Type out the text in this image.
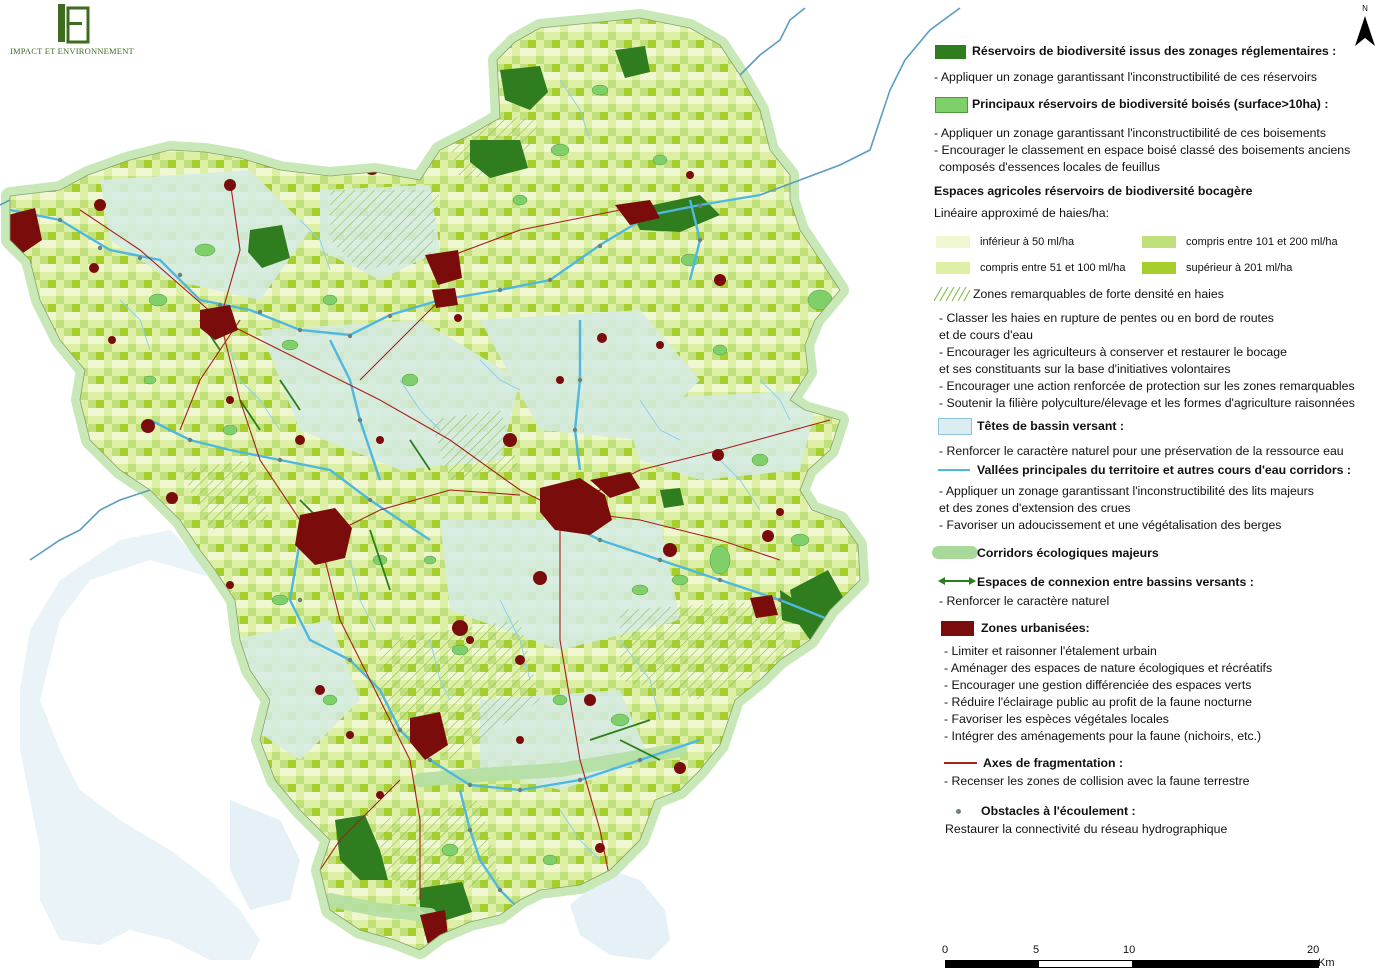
IMPACT ET ENVIRONNEMENT
N
Réservoirs de biodiversité issus des zonages réglementaires :
- Appliquer un zonage garantissant l'inconstructibilité de ces réservoirs
Principaux réservoirs de biodiversité boisés (surface>10ha) :
- Appliquer un zonage garantissant l'inconstructibilité de ces boisements
- Encourager le classement en espace boisé classé des boisements anciens
composés d'essences locales de feuillus
Espaces agricoles réservoirs de biodiversité bocagère
Linéaire approximé de haies/ha:
inférieur à 50 ml/ha	compris entre 101 et 200 ml/ha
compris entre 51 et 100 ml/ha	supérieur à 201 ml/ha
Zones remarquables de forte densité en haies
- Classer les haies en rupture de pentes ou en bord de routes
et de cours d'eau
- Encourager les agriculteurs à conserver et restaurer le bocage
et ses constituants sur la base d'initiatives volontaires
- Encourager une action renforcée de protection sur les zones remarquables
- Soutenir la filière polyculture/élevage et les formes d'agriculture raisonnées
Têtes de bassin versant :
- Renforcer le caractère naturel pour une préservation de la ressource eau
Vallées principales du territoire et autres cours d'eau corridors :
- Appliquer un zonage garantissant l'inconstructibilité des lits majeurs
et des zones d'extension des crues
- Favoriser un adoucissement et une végétalisation des berges
Corridors écologiques majeurs
Espaces de connexion entre bassins versants :
- Renforcer le caractère naturel
Zones urbanisées:
- Limiter et raisonner l'étalement urbain
- Aménager des espaces de nature écologiques et récréatifs
- Encourager une gestion différenciée des espaces verts
- Réduire l'éclairage public au profit de la faune nocturne
- Favoriser les espèces végétales locales
- Intégrer des aménagements pour la faune (nichoirs, etc.)
Axes de fragmentation :
- Recenser les zones de collision avec la faune terrestre
Obstacles à l'écoulement :
Restaurer la connectivité du réseau hydrographique
0	5	10	20
Km
